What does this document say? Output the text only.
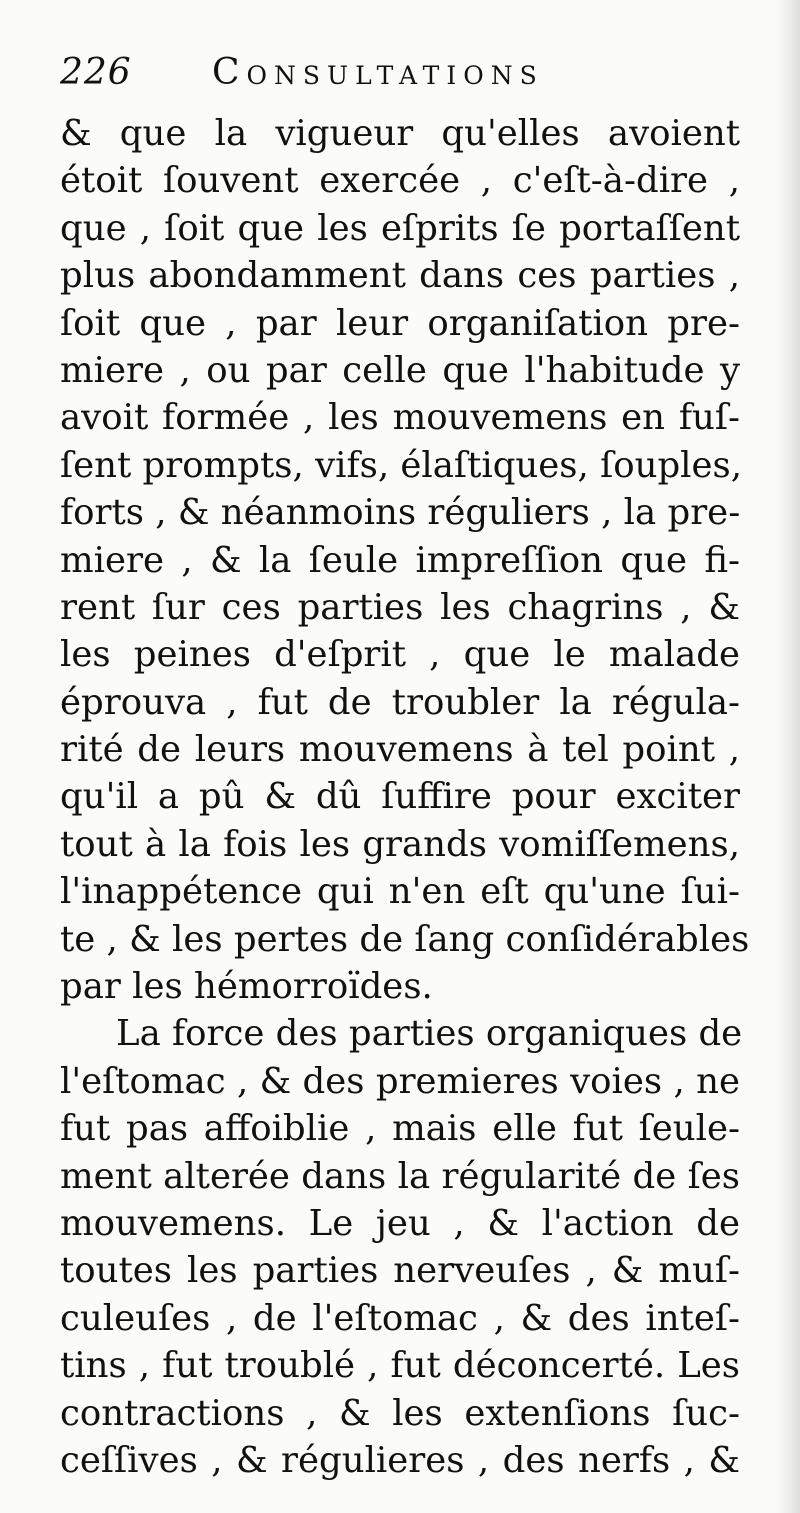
226 Consultations
& que la vigueur qu'elles avoient
étoit ſouvent exercée , c'eſt-à-dire ,
que , ſoit que les eſprits ſe portaſſent
plus abondamment dans ces parties ,
ſoit que , par leur organiſation pre-
miere , ou par celle que l'habitude y
avoit formée , les mouvemens en fuſ-
ſent prompts, vifs, élaſtiques, ſouples,
forts , & néanmoins réguliers , la pre-
miere , & la ſeule impreſſion que fi-
rent ſur ces parties les chagrins , &
les peines d'eſprit , que le malade
éprouva , fut de troubler la régula-
rité de leurs mouvemens à tel point ,
qu'il a pû & dû ſuffire pour exciter
tout à la fois les grands vomiſſemens,
l'inappétence qui n'en eſt qu'une ſui-
te , & les pertes de ſang conſidérables
par les hémorroïdes.
La force des parties organiques de
l'eſtomac , & des premieres voies , ne
fut pas affoiblie , mais elle fut ſeule-
ment alterée dans la régularité de ſes
mouvemens. Le jeu , & l'action de
toutes les parties nerveuſes , & muſ-
culeuſes , de l'eſtomac , & des inteſ-
tins , fut troublé , fut déconcerté. Les
contractions , & les extenſions ſuc-
ceſſives , & régulieres , des nerfs , &
